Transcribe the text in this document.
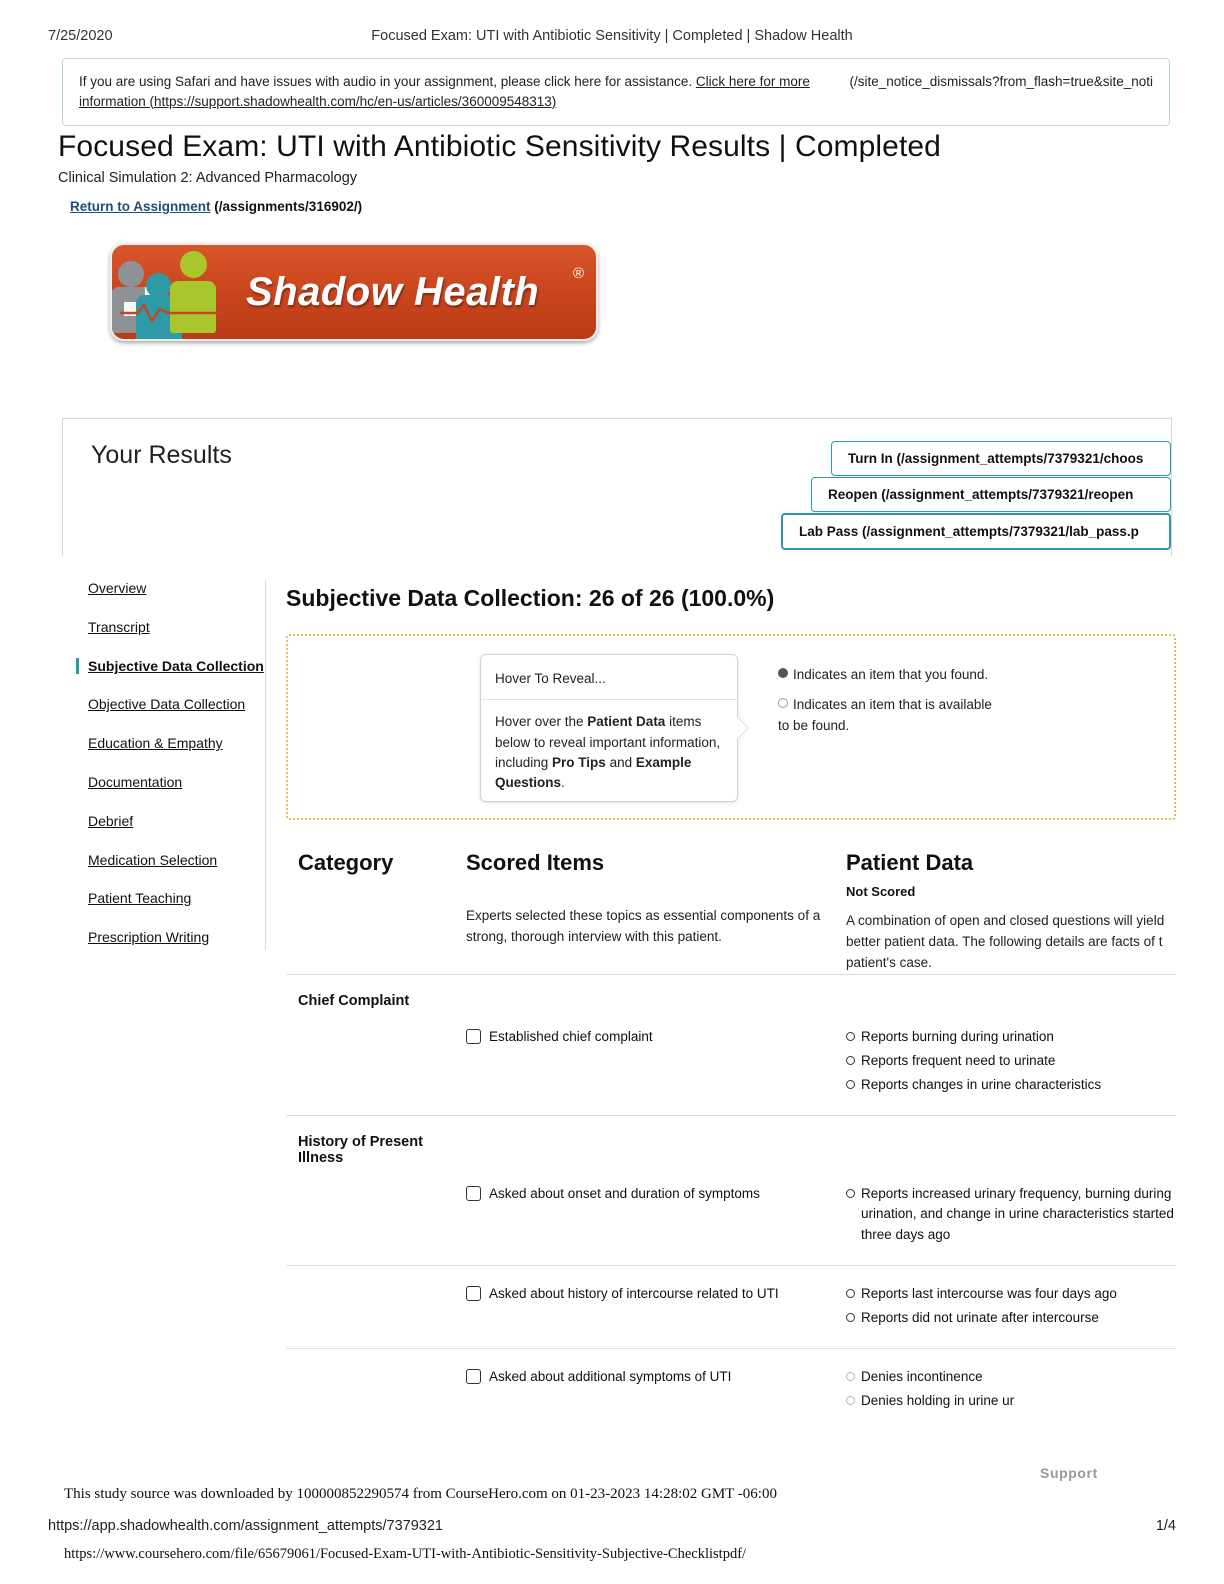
7/25/2020	Focused Exam: UTI with Antibiotic Sensitivity | Completed | Shadow Health
(/site_notice_dismissals?from_flash=true&site_noti
If you are using Safari and have issues with audio in your assignment, please click here for assistance. Click here for more information (https://support.shadowhealth.com/hc/en-us/articles/360009548313)
Focused Exam: UTI with Antibiotic Sensitivity Results | Completed
Clinical Simulation 2: Advanced Pharmacology
Return to Assignment (/assignments/316902/)
Shadow Health ®
Your Results	Turn In (/assignment_attempts/7379321/choos
Reopen (/assignment_attempts/7379321/reopen
Lab Pass (/assignment_attempts/7379321/lab_pass.p
Overview
Transcript
Subjective Data Collection
Objective Data Collection
Education & Empathy
Documentation
Debrief
Medication Selection
Patient Teaching
Prescription Writing
Subjective Data Collection: 26 of 26 (100.0%)
Hover To Reveal...
Hover over the Patient Data items below to reveal important information, including Pro Tips and Example Questions.
Indicates an item that you found.
Indicates an item that is available to be found.
Category	Scored Items
Experts selected these topics as essential components of a strong, thorough interview with this patient.
Patient Data
Not Scored
A combination of open and closed questions will yield better patient data. The following details are facts of t patient's case.
Chief Complaint
Established chief complaint	Reports burning during urination
Reports frequent need to urinate
Reports changes in urine characteristics
History of Present Illness
Asked about onset and duration of symptoms	Reports increased urinary frequency, burning during urination, and change in urine characteristics started three days ago
Asked about history of intercourse related to UTI	Reports last intercourse was four days ago
Reports did not urinate after intercourse
Asked about additional symptoms of UTI	Denies incontinence
Denies holding in urine ur
Support
This study source was downloaded by 100000852290574 from CourseHero.com on 01-23-2023 14:28:02 GMT -06:00
https://app.shadowhealth.com/assignment_attempts/7379321	1/4
https://www.coursehero.com/file/65679061/Focused-Exam-UTI-with-Antibiotic-Sensitivity-Subjective-Checklistpdf/
